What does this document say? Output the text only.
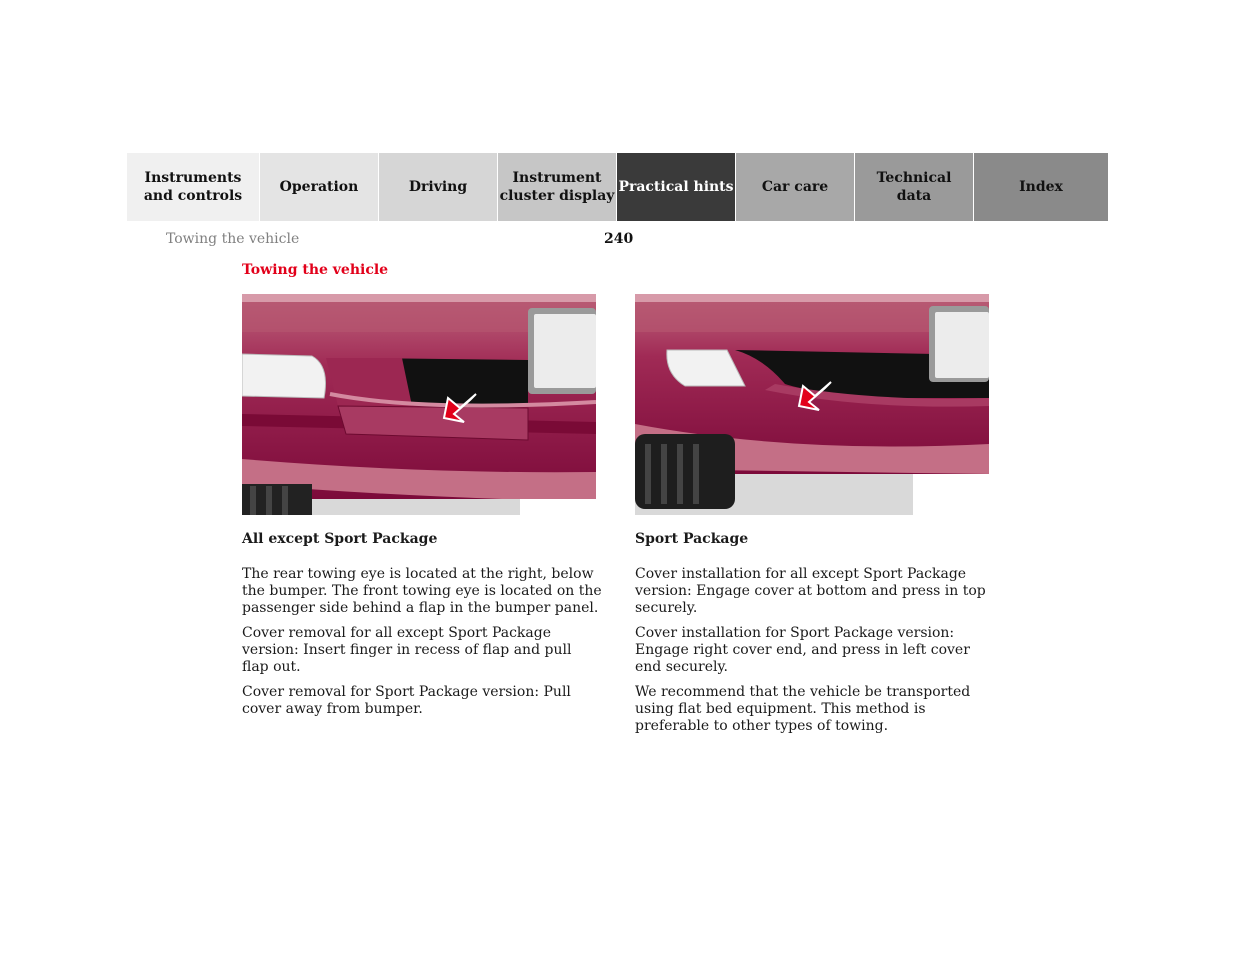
Instruments
and controls
Operation	Driving
Instrument
cluster display
Practical hints Car care
Technical
data
Index
Towing the vehicle	240
Towing the vehicle

All except Sport Package

The rear towing eye is located at the right, below the bumper. The front towing eye is located on the passenger side behind a flap in the bumper panel.

Cover removal for all except Sport Package version: Insert finger in recess of flap and pull flap out.

Cover removal for Sport Package version: Pull cover away from bumper.

Sport Package

Cover installation for all except Sport Package version: Engage cover at bottom and press in top securely.

Cover installation for Sport Package version: Engage right cover end, and press in left cover end securely.

We recommend that the vehicle be transported using flat bed equipment. This method is preferable to other types of towing.
